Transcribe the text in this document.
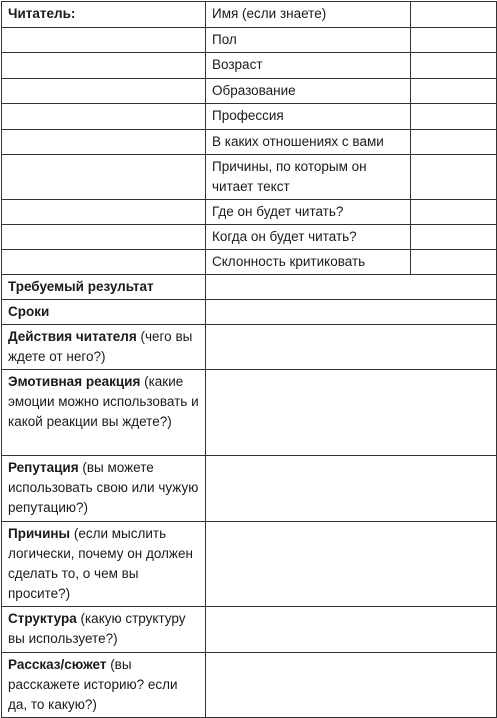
Читатель:	Имя (если знаете)	
	Пол	
	Возраст	
	Образование	
	Профессия	
	В каких отношениях с вами	
	Причины, по которым он читает текст	
	Где он будет читать?	
	Когда он будет читать?	
	Склонность критиковать	
Требуемый результат		
Сроки		
Действия читателя (чего вы ждете от него?)		
Эмотивная реакция (какие эмоции можно использовать и какой реакции вы ждете?)		
Репутация (вы можете использовать свою или чужую репутацию?)		
Причины (если мыслить логически, почему он должен сделать то, о чем вы просите?)		
Структура (какую структуру вы используете?)		
Рассказ/сюжет (вы расскажете историю? если да, то какую?)		
